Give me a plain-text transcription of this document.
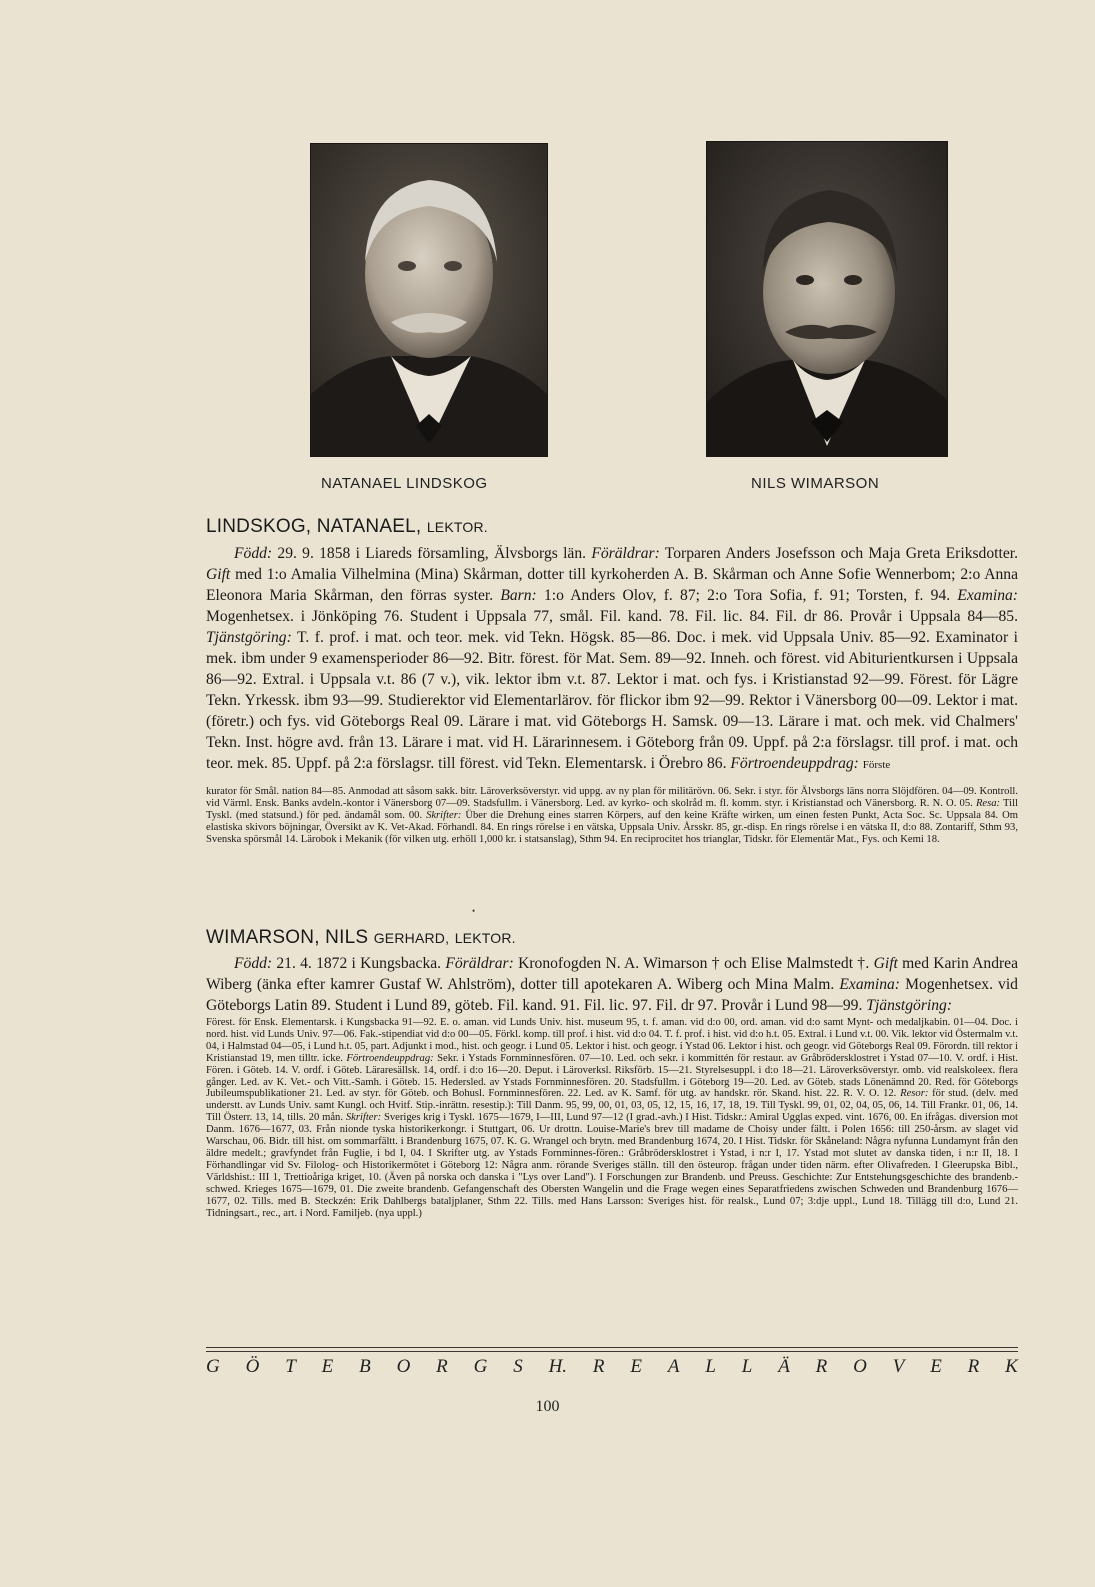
NATANAEL LINDSKOG	NILS WIMARSON
LINDSKOG, NATANAEL, LEKTOR.
Född: 29. 9. 1858 i Liareds församling, Älvsborgs län. Föräldrar: Torparen Anders Josefsson och Maja Greta Eriksdotter. Gift med 1:o Amalia Vilhelmina (Mina) Skårman, dotter till kyrkoherden A. B. Skårman och Anne Sofie Wennerbom; 2:o Anna Eleonora Maria Skårman, den förras syster. Barn: 1:o Anders Olov, f. 87; 2:o Tora Sofia, f. 91; Torsten, f. 94. Examina: Mogenhetsex. i Jönköping 76. Student i Uppsala 77, smål. Fil. kand. 78. Fil. lic. 84. Fil. dr 86. Provår i Uppsala 84—85. Tjänstgöring: T. f. prof. i mat. och teor. mek. vid Tekn. Högsk. 85—86. Doc. i mek. vid Uppsala Univ. 85—92. Examinator i mek. ibm under 9 examensperioder 86—92. Bitr. förest. för Mat. Sem. 89—92. Inneh. och förest. vid Abiturientkursen i Uppsala 86—92. Extral. i Uppsala v.t. 86 (7 v.), vik. lektor ibm v.t. 87. Lektor i mat. och fys. i Kristianstad 92—99. Förest. för Lägre Tekn. Yrkessk. ibm 93—99. Studierektor vid Elementarlärov. för flickor ibm 92—99. Rektor i Vänersborg 00—09. Lektor i mat. (företr.) och fys. vid Göteborgs Real 09. Lärare i mat. vid Göteborgs H. Samsk. 09—13. Lärare i mat. och mek. vid Chalmers' Tekn. Inst. högre avd. från 13. Lärare i mat. vid H. Lärarinnesem. i Göteborg från 09. Uppf. på 2:a förslagsr. till prof. i mat. och teor. mek. 85. Uppf. på 2:a förslagsr. till förest. vid Tekn. Elementarsk. i Örebro 86. Förtroendeuppdrag: Förste
kurator för Smål. nation 84—85. Anmodad att såsom sakk. bitr. Läroverksöverstyr. vid uppg. av ny plan för militärövn. 06. Sekr. i styr. för Älvsborgs läns norra Slöjdfören. 04—09. Kontroll. vid Värml. Ensk. Banks avdeln.-kontor i Vänersborg 07—09. Stadsfullm. i Vänersborg. Led. av kyrko- och skolråd m. fl. komm. styr. i Kristianstad och Vänersborg. R. N. O. 05. Resa: Till Tyskl. (med statsund.) för ped. ändamål som. 00. Skrifter: Über die Drehung eines starren Körpers, auf den keine Kräfte wirken, um einen festen Punkt, Acta Soc. Sc. Uppsala 84. Om elastiska skivors böjningar, Översikt av K. Vet-Akad. Förhandl. 84. En rings rörelse i en vätska, Uppsala Univ. Årsskr. 85, gr.-disp. En rings rörelse i en vätska II, d:o 88. Zontariff, Sthm 93, Svenska spörsmål 14. Lärobok i Mekanik (för vilken utg. erhöll 1,000 kr. i statsanslag), Sthm 94. En reciprocitet hos trianglar, Tidskr. för Elementär Mat., Fys. och Kemi 18.
•
WIMARSON, NILS GERHARD, LEKTOR.
Född: 21. 4. 1872 i Kungsbacka. Föräldrar: Kronofogden N. A. Wimarson † och Elise Malmstedt †. Gift med Karin Andrea Wiberg (änka efter kamrer Gustaf W. Ahlström), dotter till apotekaren A. Wiberg och Mina Malm. Examina: Mogenhetsex. vid Göteborgs Latin 89. Student i Lund 89, göteb. Fil. kand. 91. Fil. lic. 97. Fil. dr 97. Provår i Lund 98—99. Tjänstgöring:
Förest. för Ensk. Elementarsk. i Kungsbacka 91—92. E. o. aman. vid Lunds Univ. hist. museum 95, t. f. aman. vid d:o 00, ord. aman. vid d:o samt Mynt- och medaljkabin. 01—04. Doc. i nord. hist. vid Lunds Univ. 97—06. Fak.-stipendiat vid d:o 00—05. Förkl. komp. till prof. i hist. vid d:o 04. T. f. prof. i hist. vid d:o h.t. 05. Extral. i Lund v.t. 00. Vik. lektor vid Östermalm v.t. 04, i Halmstad 04—05, i Lund h.t. 05, part. Adjunkt i mod., hist. och geogr. i Lund 05. Lektor i hist. och geogr. i Ystad 06. Lektor i hist. och geogr. vid Göteborgs Real 09. Förordn. till rektor i Kristianstad 19, men tilltr. icke. Förtroendeuppdrag: Sekr. i Ystads Fornminnesfören. 07—10. Led. och sekr. i kommittén för restaur. av Gråbrödersklostret i Ystad 07—10. V. ordf. i Hist. Fören. i Göteb. 14. V. ordf. i Göteb. Läraresällsk. 14, ordf. i d:o 16—20. Deput. i Läroverksl. Riksförb. 15—21. Styrelsesuppl. i d:o 18—21. Läroverksöverstyr. omb. vid realskoleex. flera gånger. Led. av K. Vet.- och Vitt.-Samh. i Göteb. 15. Hedersled. av Ystads Fornminnesfören. 20. Stadsfullm. i Göteborg 19—20. Led. av Göteb. stads Lönenämnd 20. Red. för Göteborgs Jubileumspublikationer 21. Led. av styr. för Göteb. och Bohusl. Fornminnesfören. 22. Led. av K. Samf. för utg. av handskr. rör. Skand. hist. 22. R. V. O. 12. Resor: för stud. (delv. med understt. av Lunds Univ. samt Kungl. och Hvitf. Stip.-inrättn. resestip.): Till Danm. 95, 99, 00, 01, 03, 05, 12, 15, 16, 17, 18, 19. Till Tyskl. 99, 01, 02, 04, 05, 06, 14. Till Frankr. 01, 06, 14. Till Österr. 13, 14, tills. 20 mån. Skrifter: Sveriges krig i Tyskl. 1675—1679, I—III, Lund 97—12 (I grad.-avh.) I Hist. Tidskr.: Amiral Ugglas exped. vint. 1676, 00. En ifrågas. diversion mot Danm. 1676—1677, 03. Från nionde tyska historikerkongr. i Stuttgart, 06. Ur drottn. Louise-Marie's brev till madame de Choisy under fältt. i Polen 1656: till 250-årsm. av slaget vid Warschau, 06. Bidr. till hist. om sommarfältt. i Brandenburg 1675, 07. K. G. Wrangel och brytn. med Brandenburg 1674, 20. I Hist. Tidskr. för Skåneland: Några nyfunna Lundamynt från den äldre medelt.; gravfyndet från Fuglie, i bd I, 04. I Skrifter utg. av Ystads Fornminnes-fören.: Gråbrödersklostret i Ystad, i n:r I, 17. Ystad mot slutet av danska tiden, i n:r II, 18. I Förhandlingar vid Sv. Filolog- och Historikermötet i Göteborg 12: Några anm. rörande Sveriges ställn. till den östeurop. frågan under tiden närm. efter Olivafreden. I Gleerupska Bibl., Världshist.: III 1, Trettioåriga kriget, 10. (Även på norska och danska i "Lys over Land"). I Forschungen zur Brandenb. und Preuss. Geschichte: Zur Entstehungsgeschichte des brandenb.-schwed. Krieges 1675—1679, 01. Die zweite brandenb. Gefangenschaft des Obersten Wangelin und die Frage wegen eines Separatfriedens zwischen Schweden und Brandenburg 1676—1677, 02. Tills. med B. Steckzén: Erik Dahlbergs bataljplaner, Sthm 22. Tills. med Hans Larsson: Sveriges hist. för realsk., Lund 07; 3:dje uppl., Lund 18. Tillägg till d:o, Lund 21. Tidningsart., rec., art. i Nord. Familjeb. (nya uppl.)
G Ö T E B O R G S H. R E A L L Ä R O V E R K
100
